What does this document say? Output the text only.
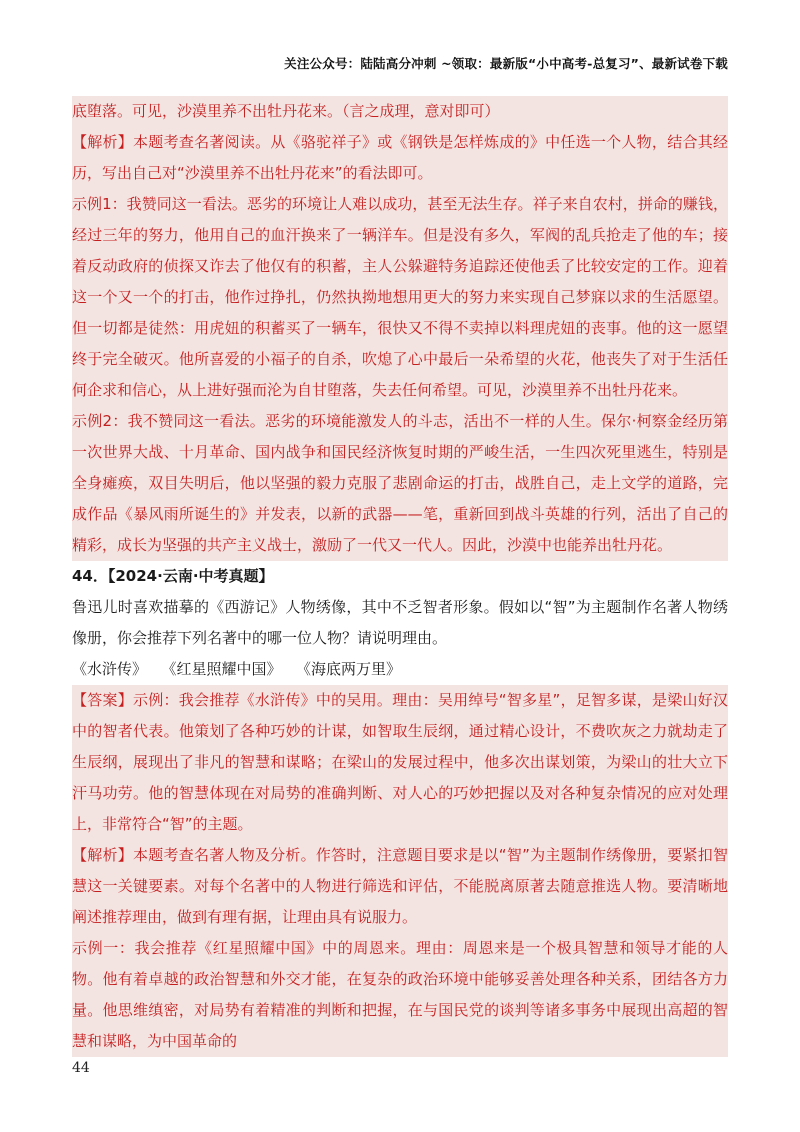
关注公众号：陆陆高分冲刺 ~领取：最新版“小中高考-总复习”、最新试卷下载

底堕落。可见，沙漠里养不出牡丹花来。（言之成理，意对即可）

【解析】本题考查名著阅读。从《骆驼祥子》或《钢铁是怎样炼成的》中任选一个人物，结合其经历，写出自己对“沙漠里养不出牡丹花来”的看法即可。

示例1：我赞同这一看法。恶劣的环境让人难以成功，甚至无法生存。祥子来自农村，拼命的赚钱，经过三年的努力，他用自己的血汗换来了一辆洋车。但是没有多久，军阀的乱兵抢走了他的车；接着反动政府的侦探又诈去了他仅有的积蓄，主人公躲避特务追踪还使他丢了比较安定的工作。迎着这一个又一个的打击，他作过挣扎，仍然执拗地想用更大的努力来实现自己梦寐以求的生活愿望。但一切都是徒然：用虎妞的积蓄买了一辆车，很快又不得不卖掉以料理虎妞的丧事。他的这一愿望终于完全破灭。他所喜爱的小福子的自杀，吹熄了心中最后一朵希望的火花，他丧失了对于生活任何企求和信心，从上进好强而沦为自甘堕落，失去任何希望。可见，沙漠里养不出牡丹花来。

示例2：我不赞同这一看法。恶劣的环境能激发人的斗志，活出不一样的人生。保尔·柯察金经历第一次世界大战、十月革命、国内战争和国民经济恢复时期的严峻生活，一生四次死里逃生，特别是全身瘫痪，双目失明后，他以坚强的毅力克服了悲剧命运的打击，战胜自己，走上文学的道路，完成作品《暴风雨所诞生的》并发表，以新的武器——笔，重新回到战斗英雄的行列，活出了自己的精彩，成长为坚强的共产主义战士，激励了一代又一代人。因此，沙漠中也能养出牡丹花。

44．【2024·云南·中考真题】

鲁迅儿时喜欢描摹的《西游记》人物绣像，其中不乏智者形象。假如以“智”为主题制作名著人物绣像册，你会推荐下列名著中的哪一位人物？请说明理由。

《水浒传》 《红星照耀中国》 《海底两万里》

【答案】示例：我会推荐《水浒传》中的吴用。理由：吴用绰号“智多星”，足智多谋，是梁山好汉中的智者代表。他策划了各种巧妙的计谋，如智取生辰纲，通过精心设计，不费吹灰之力就劫走了生辰纲，展现出了非凡的智慧和谋略；在梁山的发展过程中，他多次出谋划策，为梁山的壮大立下汗马功劳。他的智慧体现在对局势的准确判断、对人心的巧妙把握以及对各种复杂情况的应对处理上，非常符合“智”的主题。

【解析】本题考查名著人物及分析。作答时，注意题目要求是以“智”为主题制作绣像册，要紧扣智慧这一关键要素。对每个名著中的人物进行筛选和评估，不能脱离原著去随意推选人物。要清晰地阐述推荐理由，做到有理有据，让理由具有说服力。

示例一：我会推荐《红星照耀中国》中的周恩来。理由：周恩来是一个极具智慧和领导才能的人物。他有着卓越的政治智慧和外交才能，在复杂的政治环境中能够妥善处理各种关系，团结各方力量。他思维缜密，对局势有着精准的判断和把握，在与国民党的谈判等诸多事务中展现出高超的智慧和谋略，为中国革命的

44
